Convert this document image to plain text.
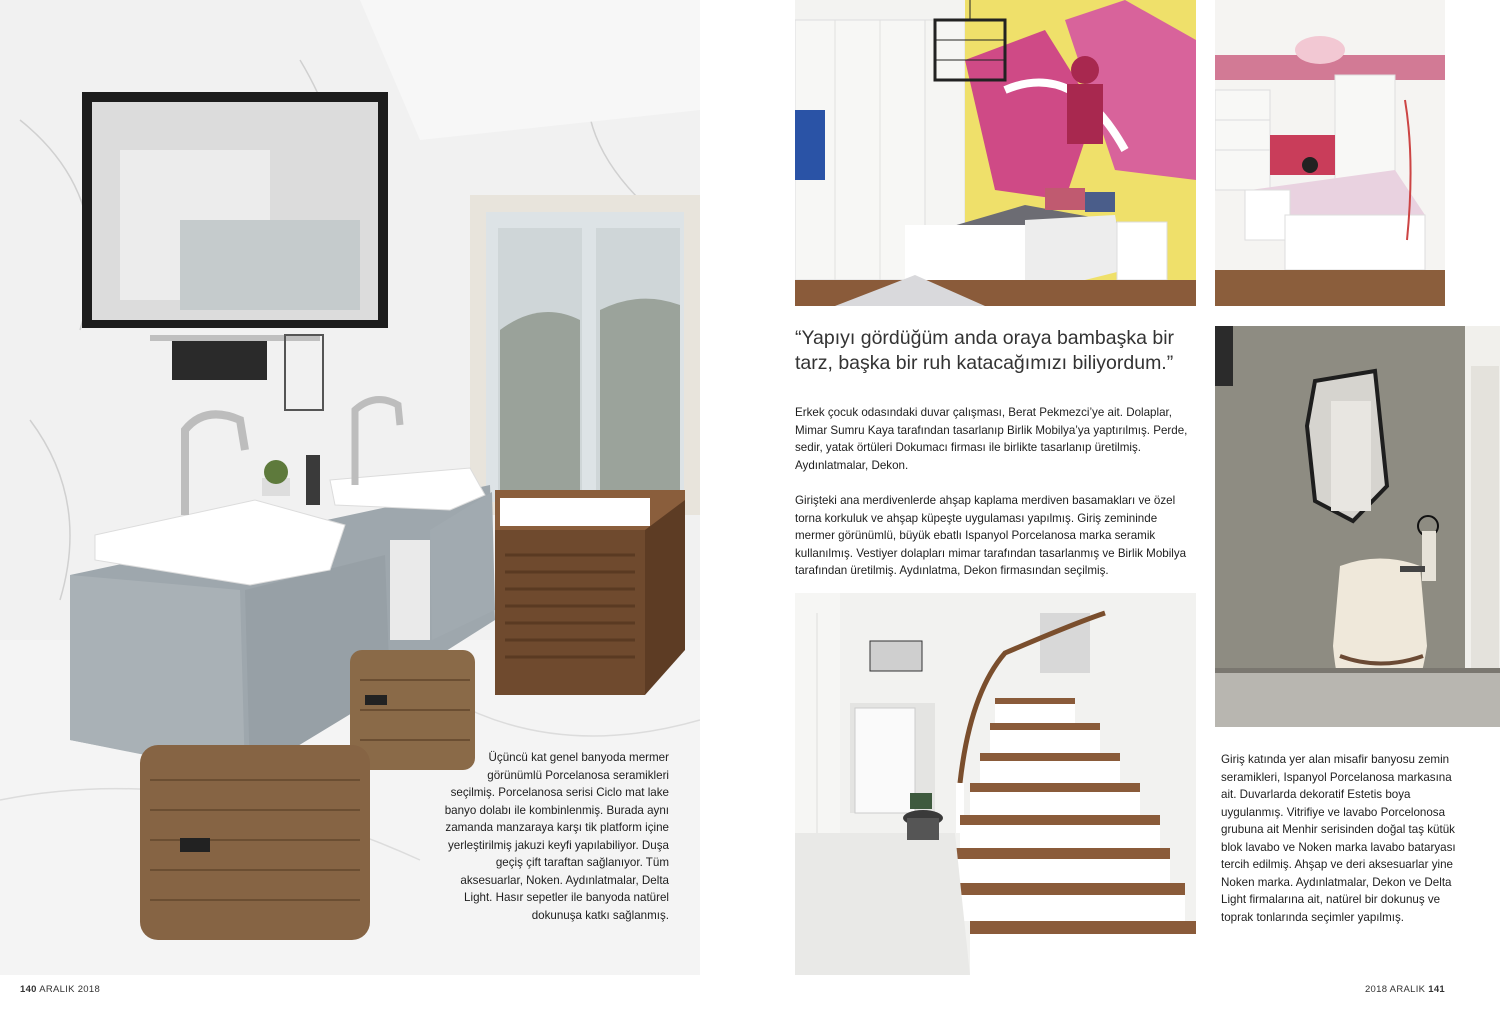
“Yapıyı gördüğüm anda oraya bambaşka bir tarz, başka bir ruh katacağımızı biliyordum.”
Erkek çocuk odasındaki duvar çalışması, Berat Pekmezci’ye ait. Dolaplar, Mimar Sumru Kaya tarafından tasarlanıp Birlik Mobilya’ya yaptırılmış. Perde, sedir, yatak örtüleri Dokumacı firması ile birlikte tasarlanıp üretilmiş. Aydınlatmalar, Dekon.
Girişteki ana merdivenlerde ahşap kaplama merdiven basamakları ve özel torna korkuluk ve ahşap küpeşte uygulaması yapılmış. Giriş zemininde mermer görünümlü, büyük ebatlı Ispanyol Porcelanosa marka seramik kullanılmış. Vestiyer dolapları mimar tarafından tasarlanmış ve Birlik Mobilya tarafından üretilmiş. Aydınlatma, Dekon firmasından seçilmiş.
Üçüncü kat genel banyoda mermer görünümlü Porcelanosa seramikleri seçilmiş. Porcelanosa serisi Ciclo mat lake banyo dolabı ile kombinlenmiş. Burada aynı zamanda manzaraya karşı tik platform içine yerleştirilmiş jakuzi keyfi yapılabiliyor. Duşa geçiş çift taraftan sağlanıyor. Tüm aksesuarlar, Noken. Aydınlatmalar, Delta Light. Hasır sepetler ile banyoda natürel dokunuşa katkı sağlanmış.
Giriş katında yer alan misafir banyosu zemin seramikleri, Ispanyol Porcelanosa markasına ait. Duvarlarda dekoratif Estetis boya uygulanmış. Vitrifiye ve lavabo Porcelonosa grubuna ait Menhir serisinden doğal taş kütük blok lavabo ve Noken marka lavabo bataryası tercih edilmiş. Ahşap ve deri aksesuarlar yine Noken marka. Aydınlatmalar, Dekon ve Delta Light firmalarına ait, natürel bir dokunuş ve toprak tonlarında seçimler yapılmış.
140 ARALIK 2018	2018 ARALIK 141
